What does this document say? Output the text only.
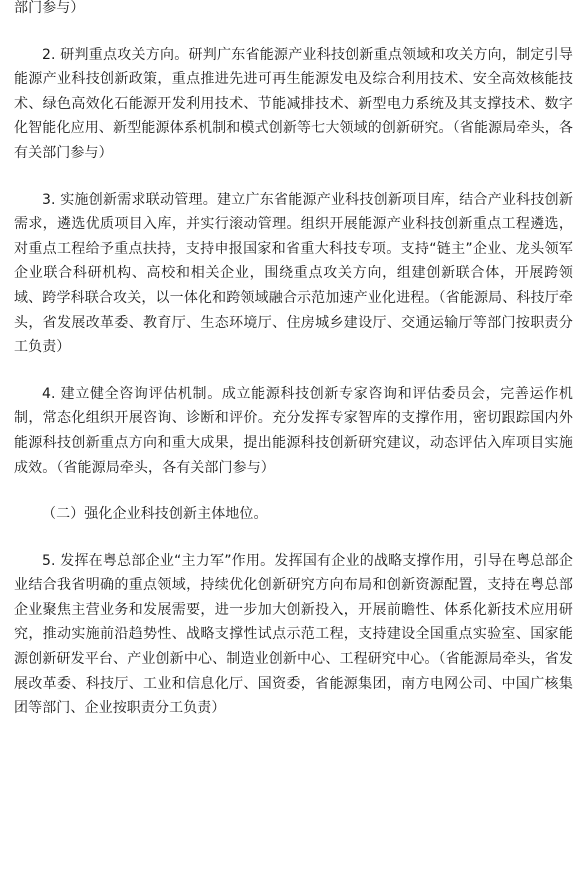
部门参与）

2. 研判重点攻关方向。研判广东省能源产业科技创新重点领域和攻关方向，制定引导能源产业科技创新政策，重点推进先进可再生能源发电及综合利用技术、安全高效核能技术、绿色高效化石能源开发利用技术、节能减排技术、新型电力系统及其支撑技术、数字化智能化应用、新型能源体系机制和模式创新等七大领域的创新研究。（省能源局牵头，各有关部门参与）

3. 实施创新需求联动管理。建立广东省能源产业科技创新项目库，结合产业科技创新需求，遴选优质项目入库，并实行滚动管理。组织开展能源产业科技创新重点工程遴选，对重点工程给予重点扶持，支持申报国家和省重大科技专项。支持“链主”企业、龙头领军企业联合科研机构、高校和相关企业，围绕重点攻关方向，组建创新联合体，开展跨领域、跨学科联合攻关，以一体化和跨领域融合示范加速产业化进程。（省能源局、科技厅牵头，省发展改革委、教育厅、生态环境厅、住房城乡建设厅、交通运输厅等部门按职责分工负责）

4. 建立健全咨询评估机制。成立能源科技创新专家咨询和评估委员会，完善运作机制，常态化组织开展咨询、诊断和评价。充分发挥专家智库的支撑作用，密切跟踪国内外能源科技创新重点方向和重大成果，提出能源科技创新研究建议，动态评估入库项目实施成效。（省能源局牵头，各有关部门参与）

（二）强化企业科技创新主体地位。

5. 发挥在粤总部企业“主力军”作用。发挥国有企业的战略支撑作用，引导在粤总部企业结合我省明确的重点领域，持续优化创新研究方向布局和创新资源配置，支持在粤总部企业聚焦主营业务和发展需要，进一步加大创新投入，开展前瞻性、体系化新技术应用研究，推动实施前沿趋势性、战略支撑性试点示范工程，支持建设全国重点实验室、国家能源创新研发平台、产业创新中心、制造业创新中心、工程研究中心。（省能源局牵头，省发展改革委、科技厅、工业和信息化厅、国资委，省能源集团，南方电网公司、中国广核集团等部门、企业按职责分工负责）
